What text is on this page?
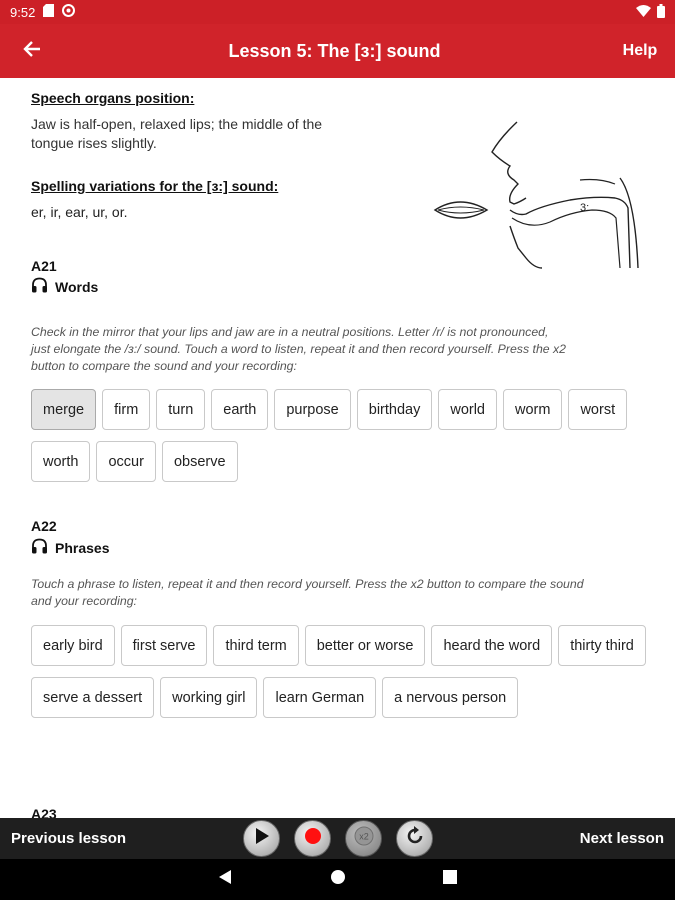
9:52
Lesson 5: The [ɜ:] sound	Help
Speech organs position:
Jaw is half-open, relaxed lips; the middle of the
tongue rises slightly.
Spelling variations for the [ɜ:] sound:
er, ir, ear, ur, or.	3:
A21
Words
Check in the mirror that your lips and jaw are in a neutral positions. Letter /r/ is not pronounced,
just elongate the /ɜ:/ sound. Touch a word to listen, repeat it and then record yourself. Press the x2
button to compare the sound and your recording:
merge	firm	turn	earth	purpose	birthday	world	worm	worst
worth	occur	observe
A22
Phrases
Touch a phrase to listen, repeat it and then record yourself. Press the x2 button to compare the sound
and your recording:
early bird	first serve	third term	better or worse	heard the word	thirty third
serve a dessert	working girl	learn German	a nervous person
A23
Previous lesson	x2	Next lesson
